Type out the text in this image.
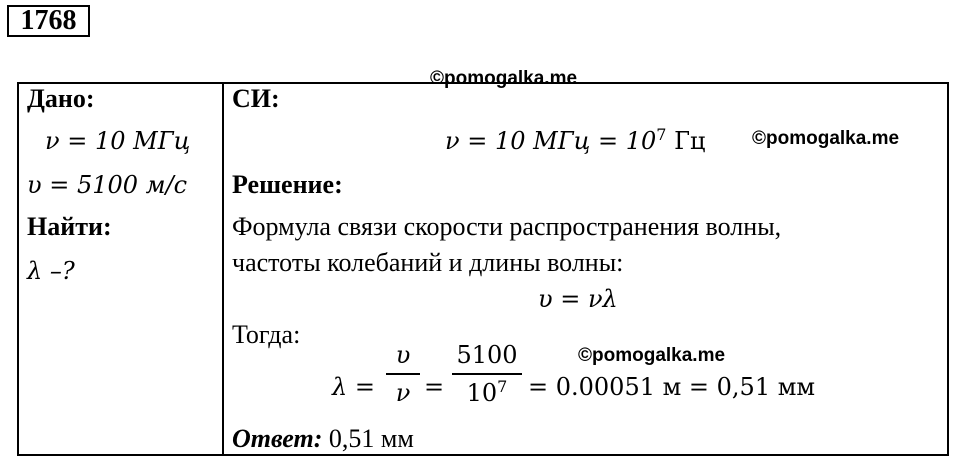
1768
Дано:
ν = 10 МГц
υ = 5100 м/с
Найти:
λ –?
СИ:
ν = 10 МГц = $10^7$ Гц
Решение:
Формула связи скорости распространения волны,
частоты колебаний и длины волны:
υ = νλ
Тогда:
λ =
υ
ν =
5100
$10^7 = 0.00051$ м = 0,51 мм
Ответ: 0,51 мм
©pomogalka.me
©pomogalka.me
©pomogalka.me
